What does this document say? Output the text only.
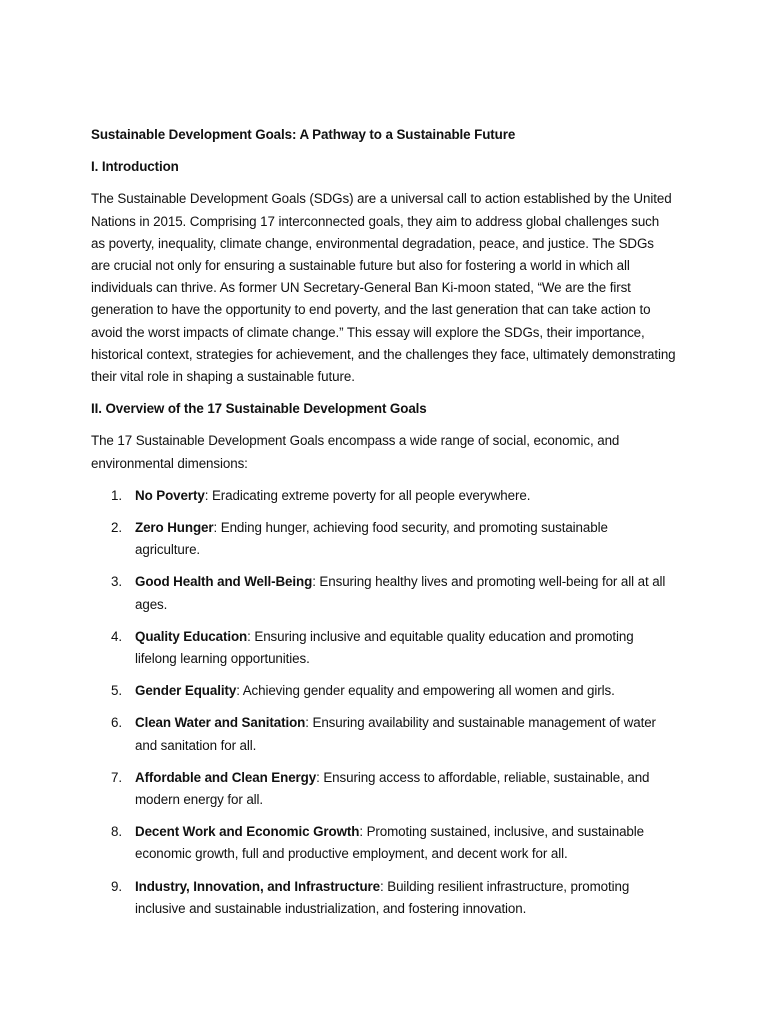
Sustainable Development Goals: A Pathway to a Sustainable Future

I. Introduction

The Sustainable Development Goals (SDGs) are a universal call to action established by the United Nations in 2015. Comprising 17 interconnected goals, they aim to address global challenges such as poverty, inequality, climate change, environmental degradation, peace, and justice. The SDGs are crucial not only for ensuring a sustainable future but also for fostering a world in which all individuals can thrive. As former UN Secretary-General Ban Ki-moon stated, “We are the first generation to have the opportunity to end poverty, and the last generation that can take action to avoid the worst impacts of climate change.” This essay will explore the SDGs, their importance, historical context, strategies for achievement, and the challenges they face, ultimately demonstrating their vital role in shaping a sustainable future.

II. Overview of the 17 Sustainable Development Goals

The 17 Sustainable Development Goals encompass a wide range of social, economic, and environmental dimensions:

1. No Poverty: Eradicating extreme poverty for all people everywhere.
2. Zero Hunger: Ending hunger, achieving food security, and promoting sustainable agriculture.
3. Good Health and Well-Being: Ensuring healthy lives and promoting well-being for all at all ages.
4. Quality Education: Ensuring inclusive and equitable quality education and promoting lifelong learning opportunities.
5. Gender Equality: Achieving gender equality and empowering all women and girls.
6. Clean Water and Sanitation: Ensuring availability and sustainable management of water and sanitation for all.
7. Affordable and Clean Energy: Ensuring access to affordable, reliable, sustainable, and modern energy for all.
8. Decent Work and Economic Growth: Promoting sustained, inclusive, and sustainable economic growth, full and productive employment, and decent work for all.
9. Industry, Innovation, and Infrastructure: Building resilient infrastructure, promoting inclusive and sustainable industrialization, and fostering innovation.
